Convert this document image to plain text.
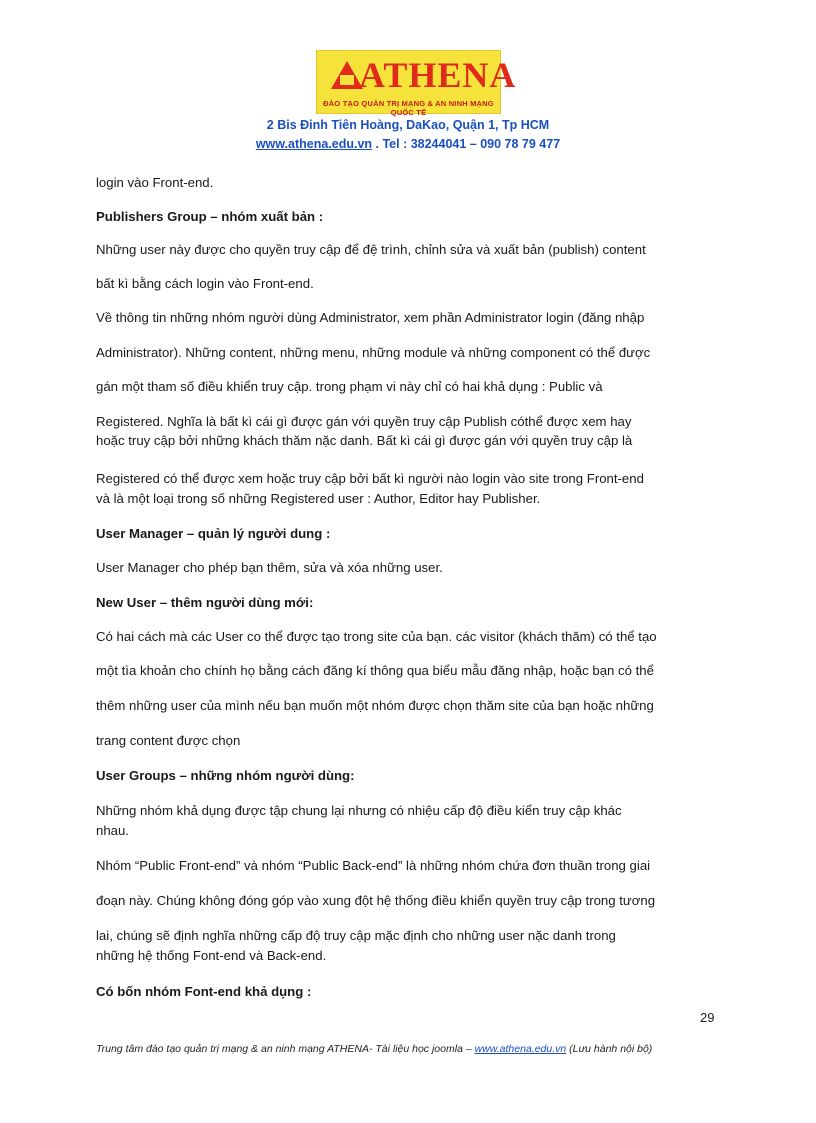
ATHENA
ĐÀO TẠO QUẢN TRỊ MẠNG & AN NINH MẠNG QUỐC TẾ
2 Bis Đinh Tiên Hoàng, DaKao, Quận 1, Tp HCM
www.athena.edu.vn . Tel : 38244041 – 090 78 79 477
login vào Front-end.
Publishers Group – nhóm xuất bản :
Những user này được cho quyền truy cập để đệ trình, chỉnh sửa và xuất bản (publish) content
bất kì bằng cách login vào Front-end.
Về thông tin những nhóm người dùng Administrator, xem phần Administrator login (đăng nhập
Administrator). Những content, những menu, những module và những component có thể được
gán một tham số điều khiển truy cập. trong phạm vi này chỉ có hai khả dụng : Public và
Registered. Nghĩa là bất kì cái gì được gán với quyền truy cập Publish cóthể được xem hay
hoặc truy cập bởi những khách thăm nặc danh. Bất kì cái gì được gán với quyền truy cập là
Registered có thể được xem hoặc truy cập bởi bất kì người nào login vào site trong Front-end
và là một loại trong số những Registered user : Author, Editor hay Publisher.
User Manager – quản lý người dung :
User Manager cho phép bạn thêm, sửa và xóa những user.
New User – thêm người dùng mới:
Có hai cách mà các User co thể được tạo trong site của bạn. các visitor (khách thăm) có thể tạo
một tìa khoản cho chính họ bằng cách đăng kí thông qua biểu mẫu đăng nhập, hoặc bạn có thể
thêm những user của mình nếu bạn muốn một nhóm được chọn thăm site của bạn hoặc những
trang content được chọn
User Groups – những nhóm người dùng:
Những nhóm khả dụng được tập chung lại nhưng có nhiệu cấp độ điều kiển truy cập khác
nhau.
Nhóm “Public Front-end” và nhóm “Public Back-end” là những nhóm chứa đơn thuần trong giai
đoạn này. Chúng không đóng góp vào xung đột hệ thống điều khiển quyền truy cập trong tương
lai, chúng sẽ định nghĩa những cấp độ truy cập mặc định cho những user nặc danh trong
những hệ thống Font-end và Back-end.
Có bốn nhóm Font-end khả dụng :
29
Trung tâm đào tạo quản trị mạng & an ninh mạng ATHENA- Tài liệu học joomla – www.athena.edu.vn (Lưu hành nội bộ)
